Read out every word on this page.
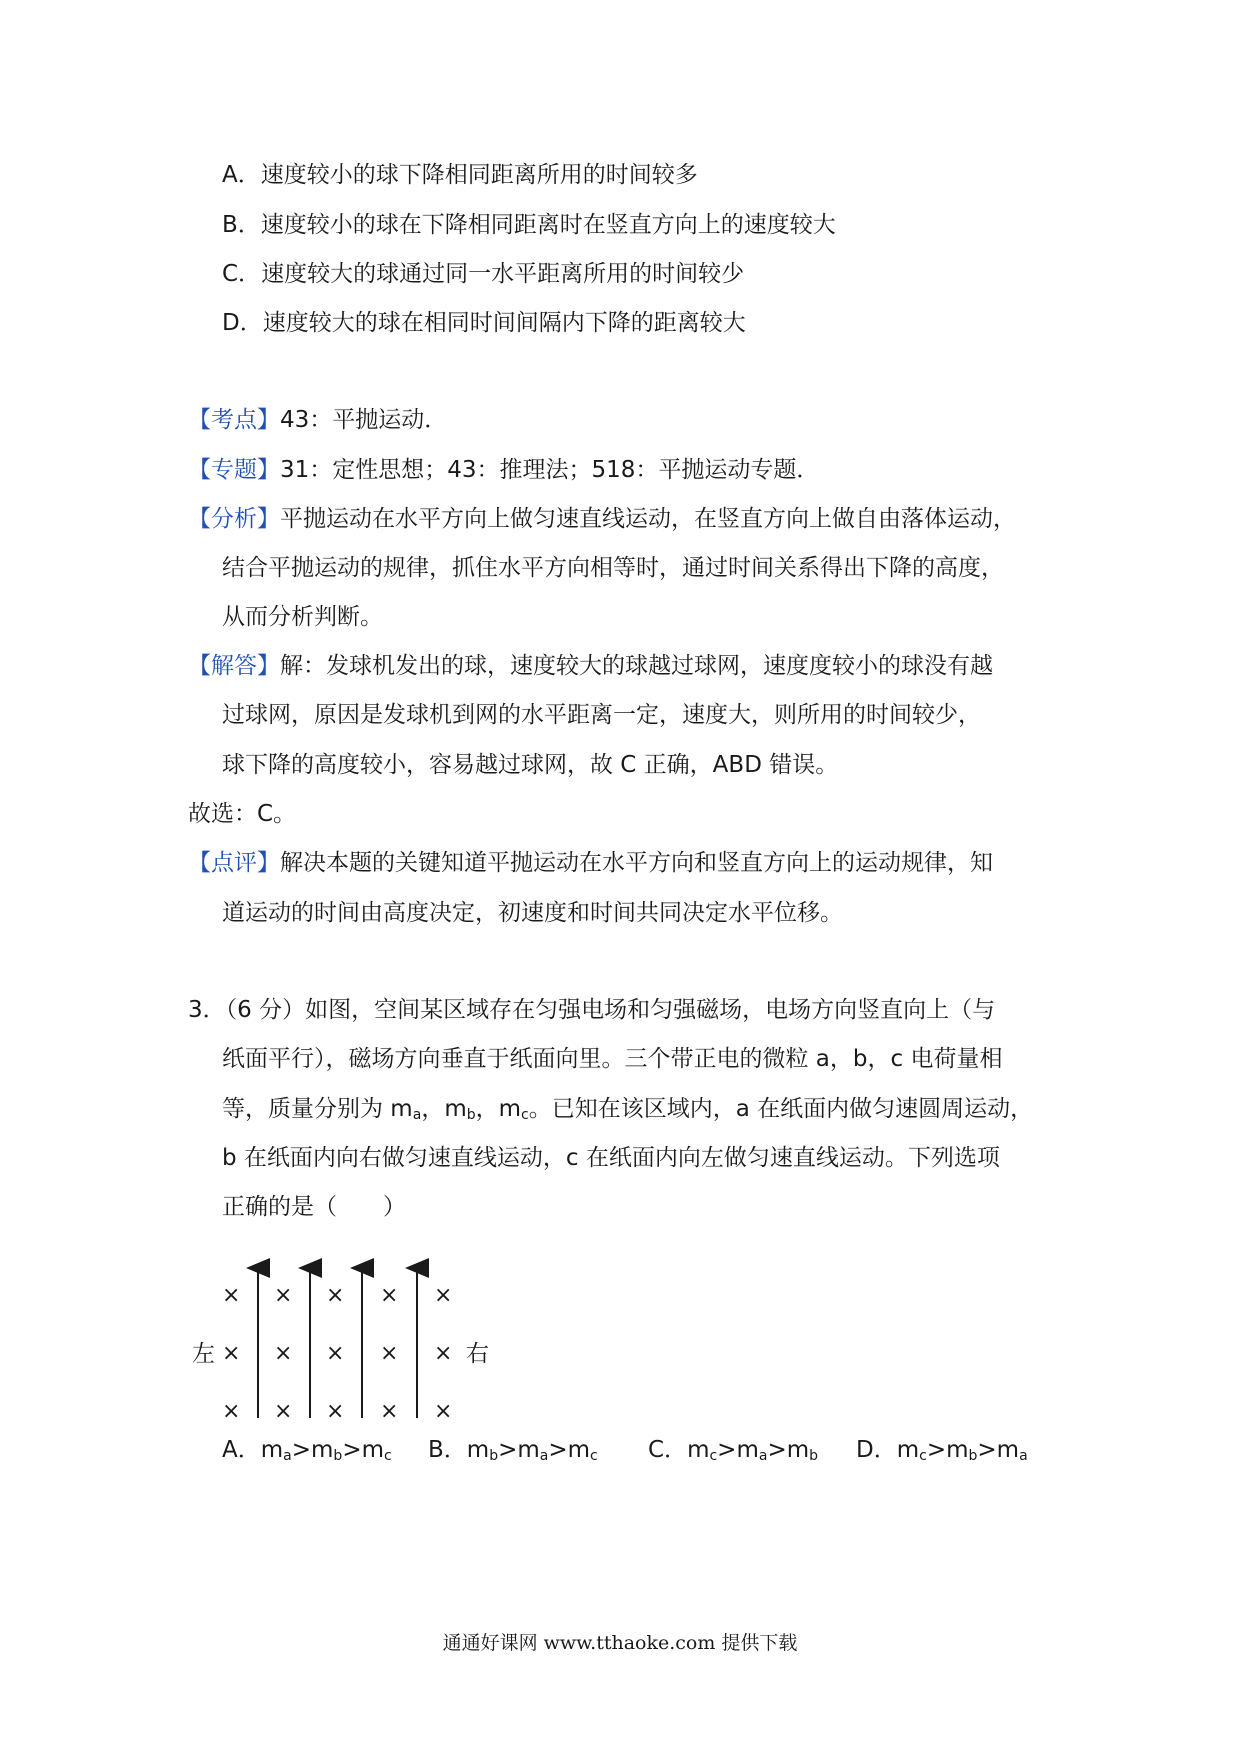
A．速度较小的球下降相同距离所用的时间较多
B．速度较小的球在下降相同距离时在竖直方向上的速度较大
C．速度较大的球通过同一水平距离所用的时间较少
D．速度较大的球在相同时间间隔内下降的距离较大
【考点】43：平抛运动．
【专题】31：定性思想；43：推理法；518：平抛运动专题．
【分析】平抛运动在水平方向上做匀速直线运动，在竖直方向上做自由落体运动，
结合平抛运动的规律，抓住水平方向相等时，通过时间关系得出下降的高度，
从而分析判断。
【解答】解：发球机发出的球，速度较大的球越过球网，速度度较小的球没有越
过球网，原因是发球机到网的水平距离一定，速度大，则所用的时间较少，
球下降的高度较小，容易越过球网，故 C 正确，ABD 错误。
故选：C。
【点评】解决本题的关键知道平抛运动在水平方向和竖直方向上的运动规律，知
道运动的时间由高度决定，初速度和时间共同决定水平位移。
3．（6 分）如图，空间某区域存在匀强电场和匀强磁场，电场方向竖直向上（与
纸面平行），磁场方向垂直于纸面向里。三个带正电的微粒 a，b，c 电荷量相
等，质量分别为 $m_a$，$m_b$，$m_c$。已知在该区域内，a 在纸面内做匀速圆周运动，
b 在纸面内向右做匀速直线运动，c 在纸面内向左做匀速直线运动。下列选项
正确的是（　　）
左	右
× × × × ×
× × × × ×
× × × × ×
A．$m_a>m_b>m_c$ B．$m_b>m_a>m_c$ C．$m_c>m_a>m_b$ D．$m_c>m_b>m_a$
通通好课网 www.tthaoke.com 提供下载
